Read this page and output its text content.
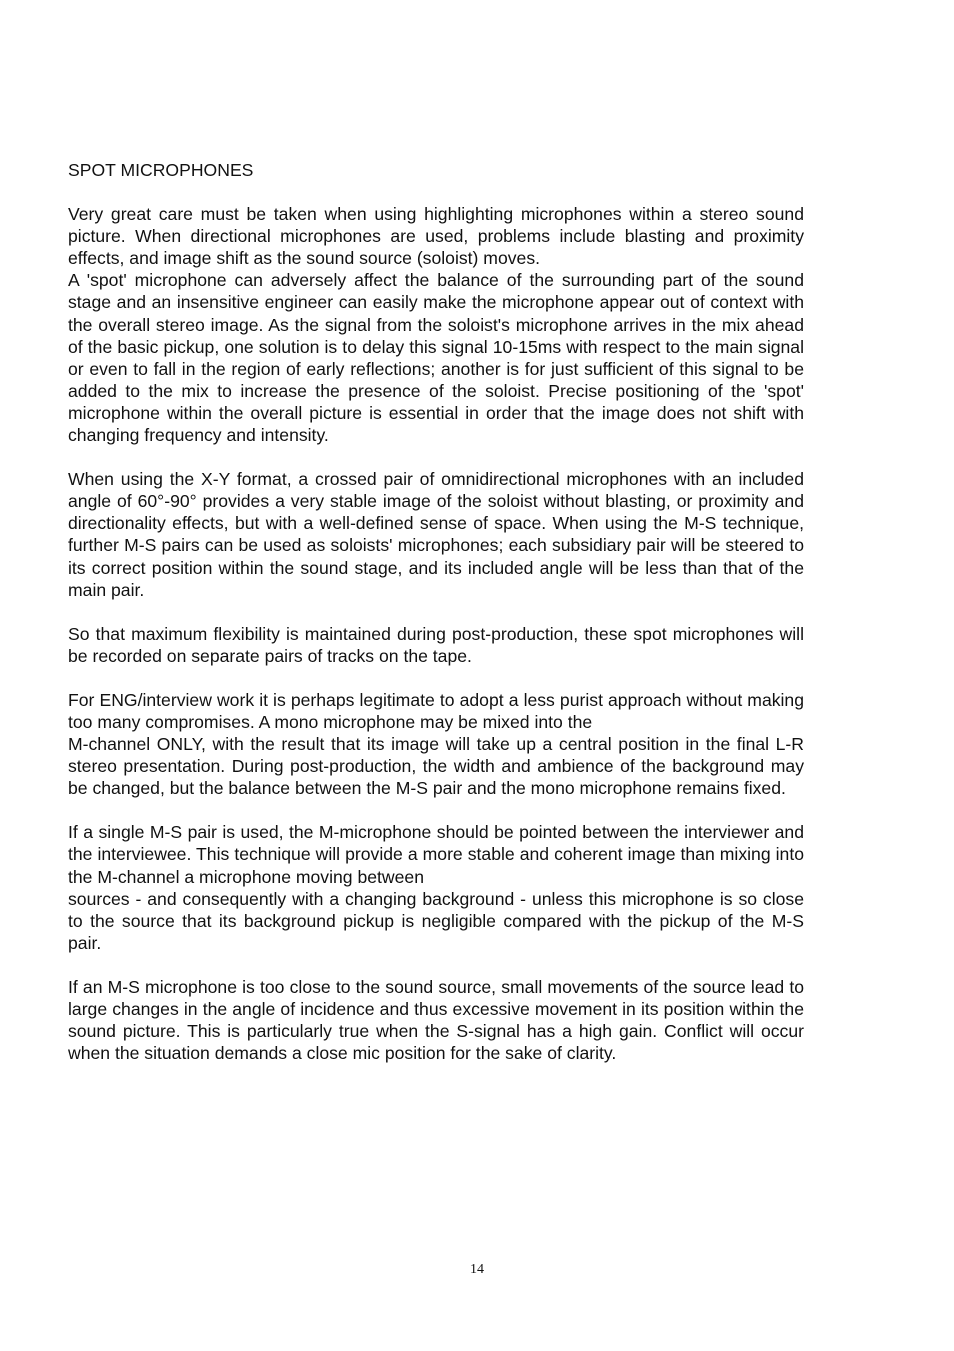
SPOT MICROPHONES
Very great care must be taken when using highlighting microphones within a stereo sound picture. When directional microphones are used, problems include blasting and proximity effects, and image shift as the sound source (soloist) moves.
A 'spot' microphone can adversely affect the balance of the surrounding part of the sound stage and an insensitive engineer can easily make the microphone appear out of context with the overall stereo image. As the signal from the soloist's microphone arrives in the mix ahead of the basic pickup, one solution is to delay this signal 10-15ms with respect to the main signal or even to fall in the region of early reflections; another is for just sufficient of this signal to be added to the mix to increase the presence of the soloist. Precise positioning of the 'spot' microphone within the overall picture is essential in order that the image does not shift with changing frequency and intensity.
When using the X-Y format, a crossed pair of omnidirectional microphones with an included angle of 60°-90° provides a very stable image of the soloist without blasting, or proximity and directionality effects, but with a well-defined sense of space. When using the M-S technique, further M-S pairs can be used as soloists' microphones; each subsidiary pair will be steered to its correct position within the sound stage, and its included angle will be less than that of the main pair.
So that maximum flexibility is maintained during post-production, these spot microphones will be recorded on separate pairs of tracks on the tape.
For ENG/interview work it is perhaps legitimate to adopt a less purist approach without making too many compromises. A mono microphone may be mixed into the
M-channel ONLY, with the result that its image will take up a central position in the final L-R stereo presentation. During post-production, the width and ambience of the background may be changed, but the balance between the M-S pair and the mono microphone remains fixed.
If a single M-S pair is used, the M-microphone should be pointed between the interviewer and the interviewee. This technique will provide a more stable and coherent image than mixing into the M-channel a microphone moving between
sources - and consequently with a changing background - unless this microphone is so close to the source that its background pickup is negligible compared with the pickup of the M-S pair.
If an M-S microphone is too close to the sound source, small movements of the source lead to large changes in the angle of incidence and thus excessive movement in its position within the sound picture. This is particularly true when the S-signal has a high gain. Conflict will occur when the situation demands a close mic position for the sake of clarity.
14
